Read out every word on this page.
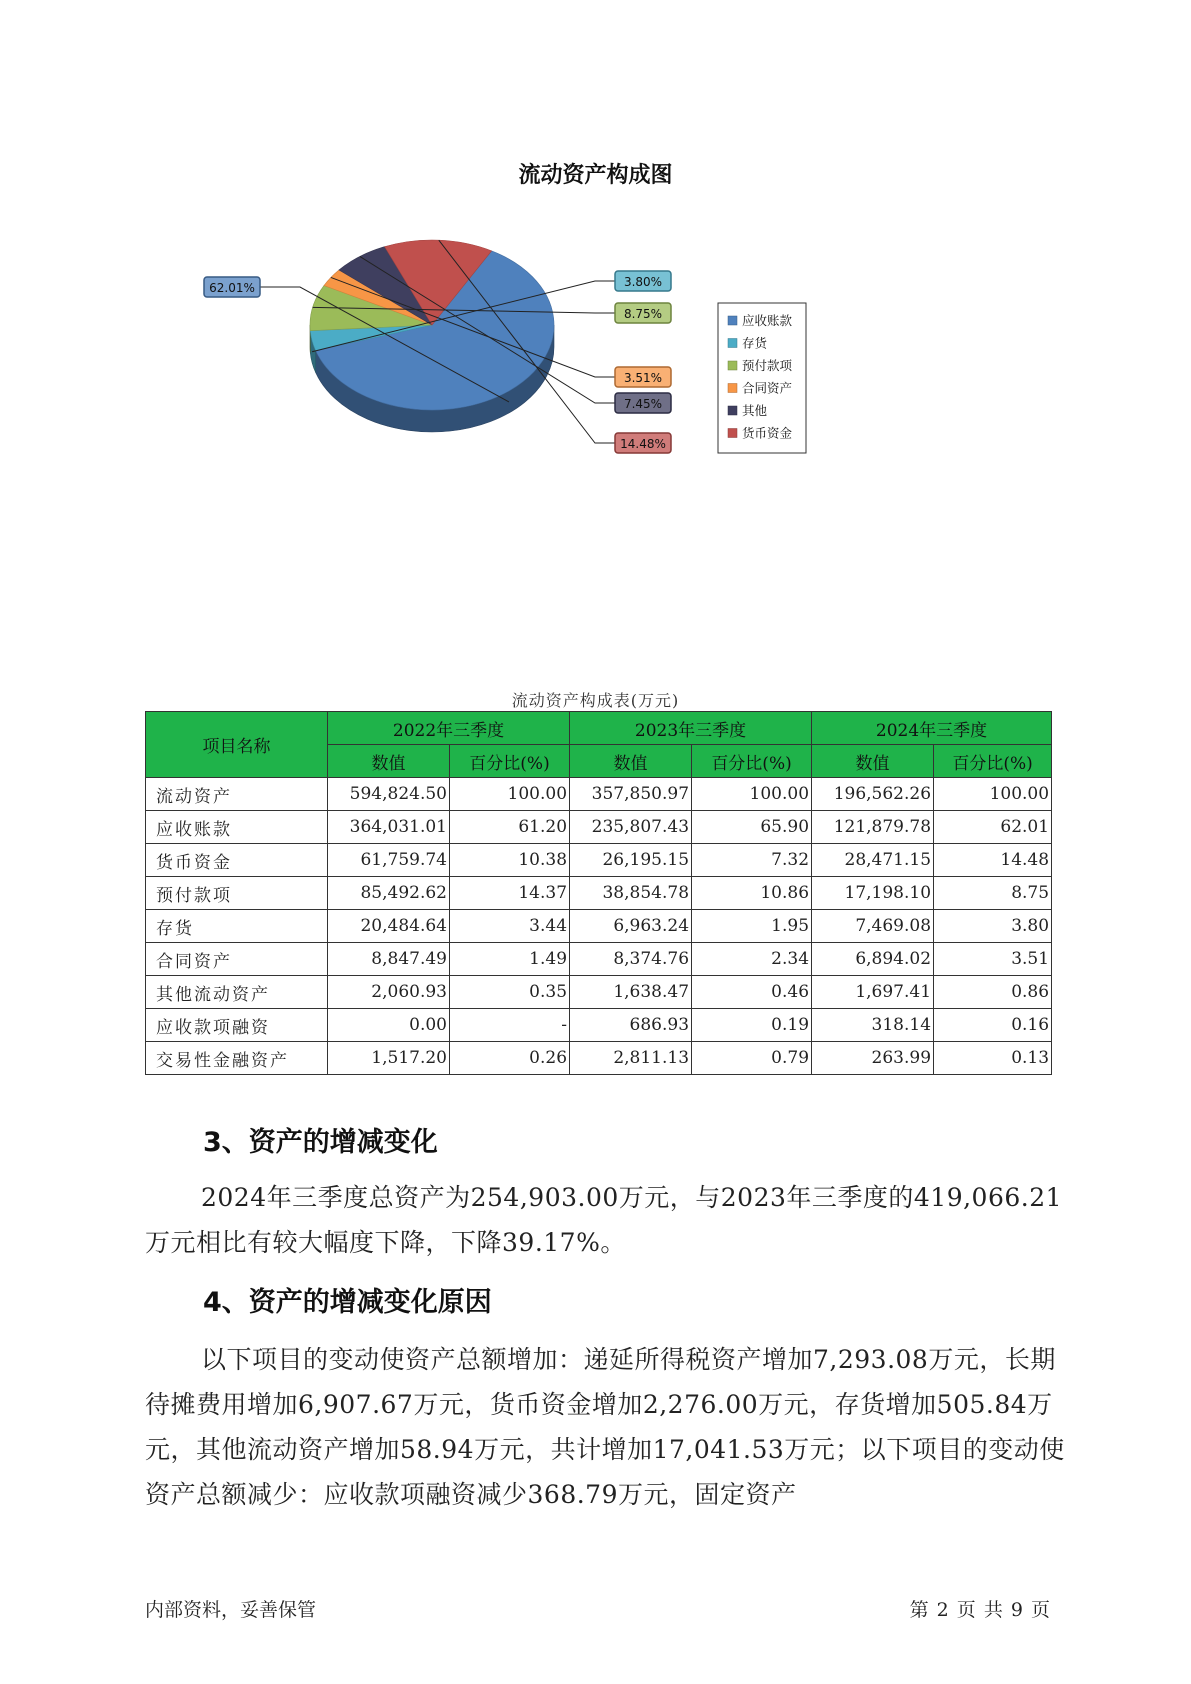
流动资产构成图
62.01%	3.80%
8.75%
3.51%
7.45%
14.48%
应收账款
存货
预付款项
合同资产
其他
货币资金
流动资产构成表(万元)
项目名称	2022年三季度		2023年三季度		2024年三季度	
	数值	百分比(%)	数值	百分比(%)	数值	百分比(%)
流动资产	594,824.50	100.00	357,850.97	100.00	196,562.26	100.00
应收账款	364,031.01	61.20	235,807.43	65.90	121,879.78	62.01
货币资金	61,759.74	10.38	26,195.15	7.32	28,471.15	14.48
预付款项	85,492.62	14.37	38,854.78	10.86	17,198.10	8.75
存货	20,484.64	3.44	6,963.24	1.95	7,469.08	3.80
合同资产	8,847.49	1.49	8,374.76	2.34	6,894.02	3.51
其他流动资产	2,060.93	0.35	1,638.47	0.46	1,697.41	0.86
应收款项融资	0.00	-	686.93	0.19	318.14	0.16
交易性金融资产	1,517.20	0.26	2,811.13	0.79	263.99	0.13
3、资产的增减变化
2024年三季度总资产为254,903.00万元，与2023年三季度的419,066.21万元相比有较大幅度下降，下降39.17%。
4、资产的增减变化原因
以下项目的变动使资产总额增加：递延所得税资产增加7,293.08万元，长期待摊费用增加6,907.67万元，货币资金增加2,276.00万元，存货增加505.84万元，其他流动资产增加58.94万元，共计增加17,041.53万元；以下项目的变动使资产总额减少：应收款项融资减少368.79万元，固定资产
内部资料，妥善保管	第 2 页 共 9 页
